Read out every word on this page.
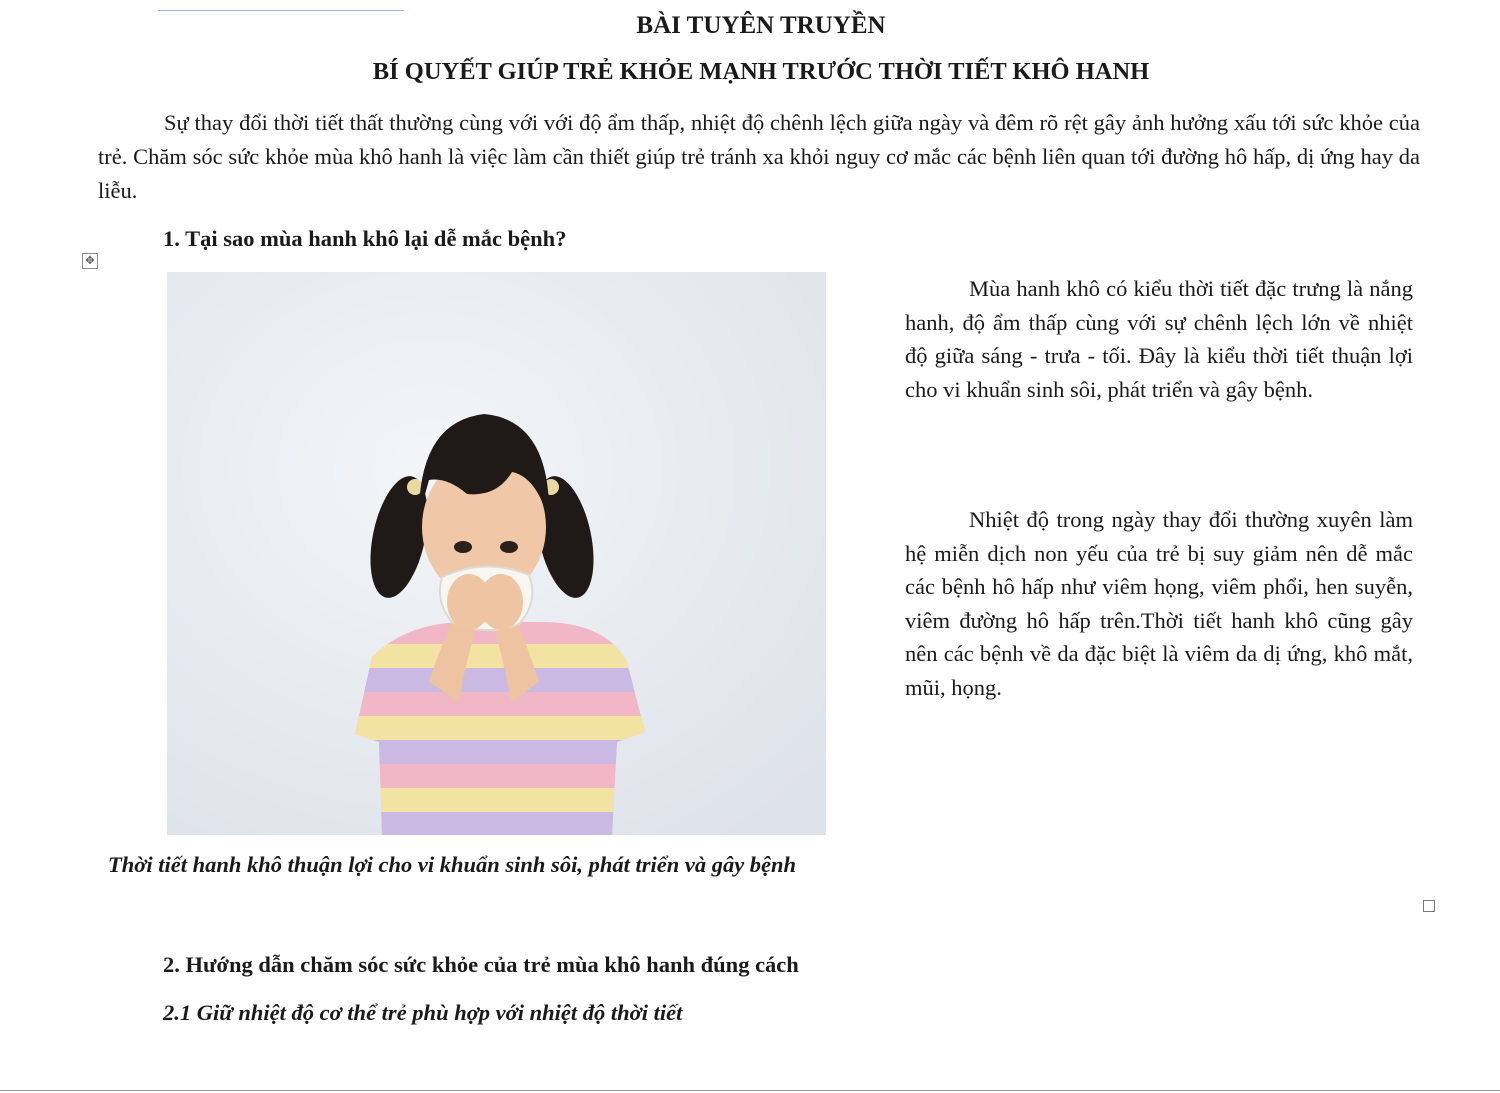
BÀI TUYÊN TRUYỀN
BÍ QUYẾT GIÚP TRẺ KHỎE MẠNH TRƯỚC THỜI TIẾT KHÔ HANH

Sự thay đổi thời tiết thất thường cùng với với độ ẩm thấp, nhiệt độ chênh lệch giữa ngày và đêm rõ rệt gây ảnh hưởng xấu tới sức khỏe của trẻ. Chăm sóc sức khỏe mùa khô hanh là việc làm cần thiết giúp trẻ tránh xa khỏi nguy cơ mắc các bệnh liên quan tới đường hô hấp, dị ứng hay da liễu.

1. Tại sao mùa hanh khô lại dễ mắc bệnh?
✥
Thời tiết hanh khô thuận lợi cho vi khuẩn sinh sôi, phát triển và gây bệnh

Mùa hanh khô có kiểu thời tiết đặc trưng là nắng hanh, độ ẩm thấp cùng với sự chênh lệch lớn về nhiệt độ giữa sáng - trưa - tối. Đây là kiểu thời tiết thuận lợi cho vi khuẩn sinh sôi, phát triển và gây bệnh.

Nhiệt độ trong ngày thay đổi thường xuyên làm hệ miễn dịch non yếu của trẻ bị suy giảm nên dễ mắc các bệnh hô hấp như viêm họng, viêm phổi, hen suyễn, viêm đường hô hấp trên.Thời tiết hanh khô cũng gây nên các bệnh về da đặc biệt là viêm da dị ứng, khô mắt, mũi, họng.

2. Hướng dẫn chăm sóc sức khỏe của trẻ mùa khô hanh đúng cách
2.1 Giữ nhiệt độ cơ thể trẻ phù hợp với nhiệt độ thời tiết
